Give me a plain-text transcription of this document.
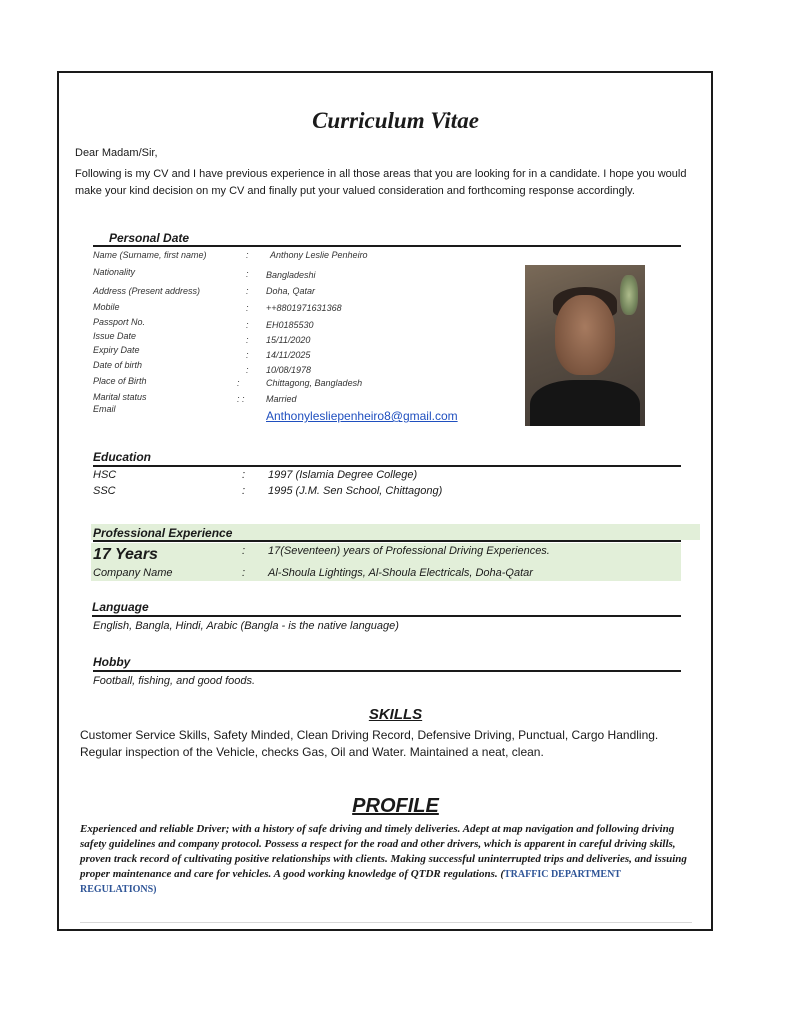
Curriculum Vitae
Dear Madam/Sir,
Following is my CV and I have previous experience in all those areas that you are looking for in a candidate. I hope you would make your kind decision on my CV and finally put your valued consideration and forthcoming response accordingly.
Personal Date
Name (Surname, first name)	: Anthony Leslie Penheiro
Nationality	: Bangladeshi
Address (Present address)	: Doha, Qatar
Mobile	: ++8801971631368
Passport No.	: EH0185530
Issue Date	: 15/11/2020
Expiry Date	: 14/11/2025
Date of birth	: 10/08/1978
Place of Birth	:	Chittagong, Bangladesh
Marital status	: : Married
Email	Anthonylesliepenheiro8@gmail.com
Education
HSC	: 1997 (Islamia Degree College)
SSC	: 1995 (J.M. Sen School, Chittagong)
Professional Experience
17 Years	: 17(Seventeen) years of Professional Driving Experiences.
Company Name	: Al-Shoula Lightings, Al-Shoula Electricals, Doha-Qatar
Language
English, Bangla, Hindi, Arabic (Bangla - is the native language)
Hobby
Football, fishing, and good foods.
SKILLS
Customer Service Skills, Safety Minded, Clean Driving Record, Defensive Driving, Punctual, Cargo Handling. Regular inspection of the Vehicle, checks Gas, Oil and Water. Maintained a neat, clean.
PROFILE
Experienced and reliable Driver; with a history of safe driving and timely deliveries. Adept at map navigation and following driving safety guidelines and company protocol. Possess a respect for the road and other drivers, which is apparent in careful driving skills, proven track record of cultivating positive relationships with clients. Making successful uninterrupted trips and deliveries, and issuing proper maintenance and care for vehicles. A good working knowledge of QTDR regulations. (TRAFFIC DEPARTMENT REGULATIONS)
